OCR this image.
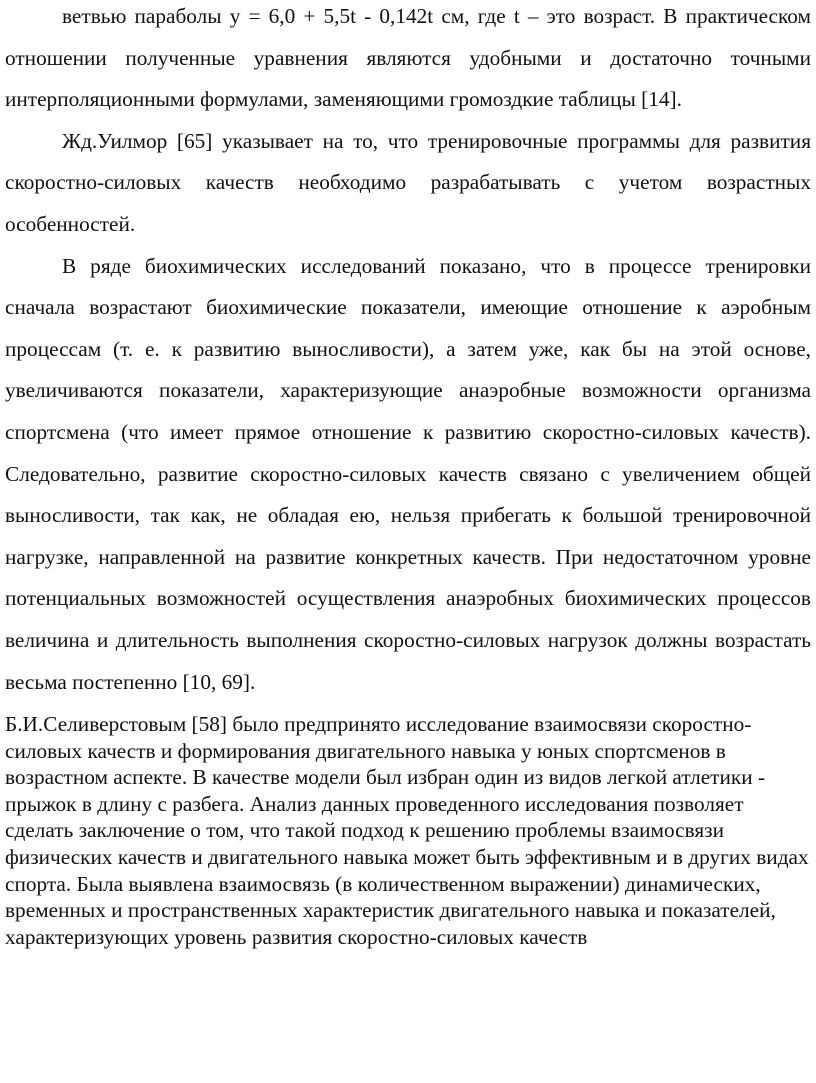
ветвью параболы у = 6,0 + 5,5t - 0,142t см, где t – это возраст. В практическом отношении полученные уравнения являются удобными и достаточно точными интерполяционными формулами, заменяющими громоздкие таблицы [14].

Жд.Уилмор [65] указывает на то, что тренировочные программы для развития скоростно-силовых качеств необходимо разрабатывать с учетом возрастных особенностей.

В ряде биохимических исследований показано, что в процессе тренировки сначала возрастают биохимические показатели, имеющие отношение к аэробным процессам (т. е. к развитию выносливости), а затем уже, как бы на этой основе, увеличиваются показатели, характеризующие анаэробные возможности организма спортсмена (что имеет прямое отношение к развитию скоростно-силовых качеств). Следовательно, развитие скоростно-силовых качеств связано с увеличением общей выносливости, так как, не обладая ею, нельзя прибегать к большой тренировочной нагрузке, направленной на развитие конкретных качеств. При недостаточном уровне потенциальных возможностей осуществления анаэробных биохимических процессов величина и длительность выполнения скоростно-силовых нагрузок должны возрастать весьма постепенно [10, 69].

Б.И.Селиверстовым [58] было предпринято исследование взаимосвязи скоростно-силовых качеств и формирования двигательного навыка у юных спортсменов в возрастном аспекте. В качестве модели был избран один из видов легкой атлетики - прыжок в длину с разбега. Анализ данных проведенного исследования позволяет сделать заключение о том, что такой подход к решению проблемы взаимосвязи физических качеств и двигательного навыка может быть эффективным и в других видах спорта. Была выявлена взаимосвязь (в количественном выражении) динамических, временных и пространственных характеристик двигательного навыка и показателей, характеризующих уровень развития скоростно-силовых качеств
